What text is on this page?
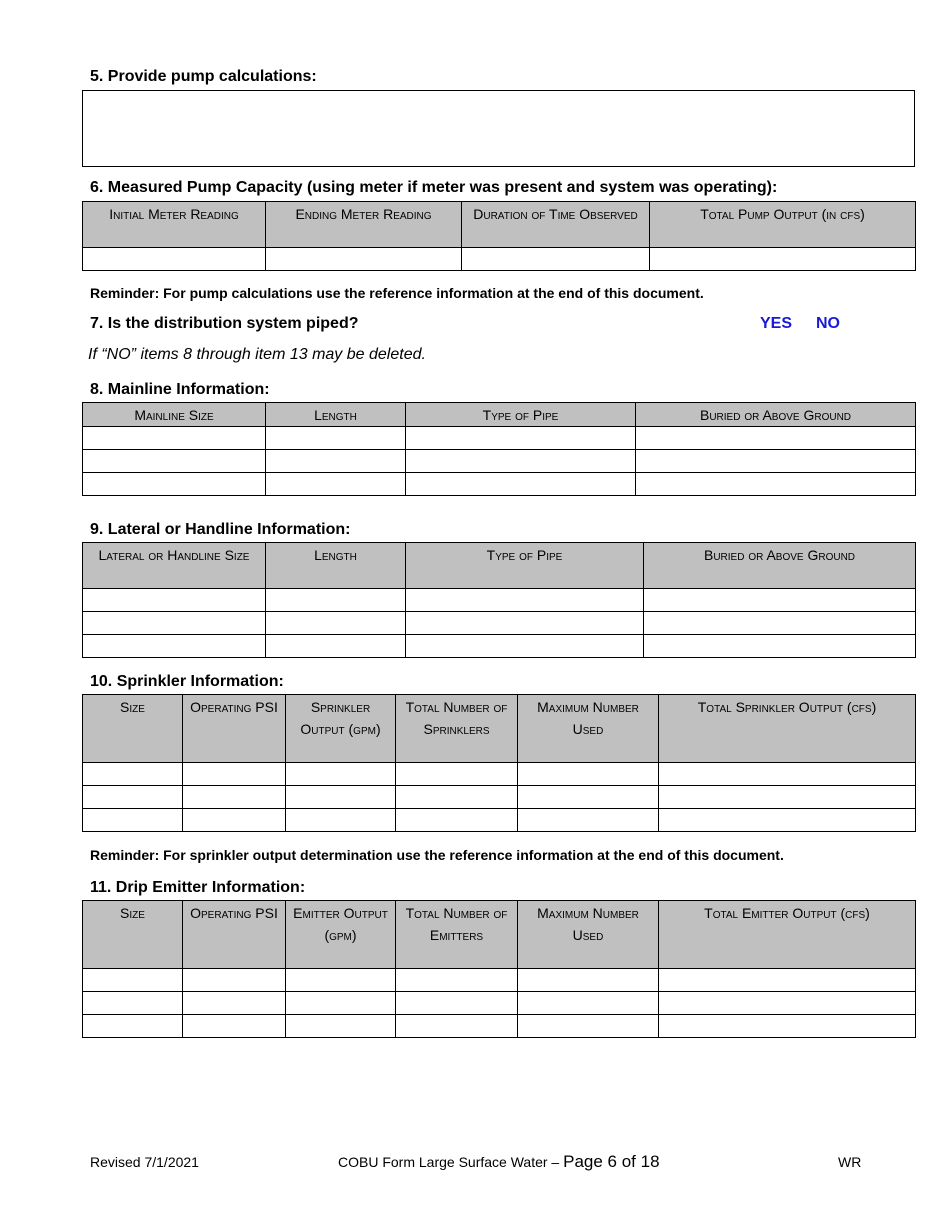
5. Provide pump calculations:
6. Measured Pump Capacity (using meter if meter was present and system was operating):
Initial Meter Reading	Ending Meter Reading	Duration of Time Observed	Total Pump Output (in cfs)

Reminder: For pump calculations use the reference information at the end of this document.
7. Is the distribution system piped?	YES NO
If “NO” items 8 through item 13 may be deleted.
8. Mainline Information:
Mainline Size	Length	Type of Pipe	Buried or Above Ground

9. Lateral or Handline Information:
Lateral or Handline Size	Length	Type of Pipe	Buried or Above Ground

10. Sprinkler Information:
Size	Operating PSI	Sprinkler Output (gpm)	Total Number of Sprinklers	Maximum Number Used	Total Sprinkler Output (cfs)

Reminder: For sprinkler output determination use the reference information at the end of this document.
11. Drip Emitter Information:
Size	Operating PSI	Emitter Output (gpm)	Total Number of Emitters	Maximum Number Used	Total Emitter Output (cfs)

Revised 7/1/2021	COBU Form Large Surface Water – Page 6 of 18	WR
